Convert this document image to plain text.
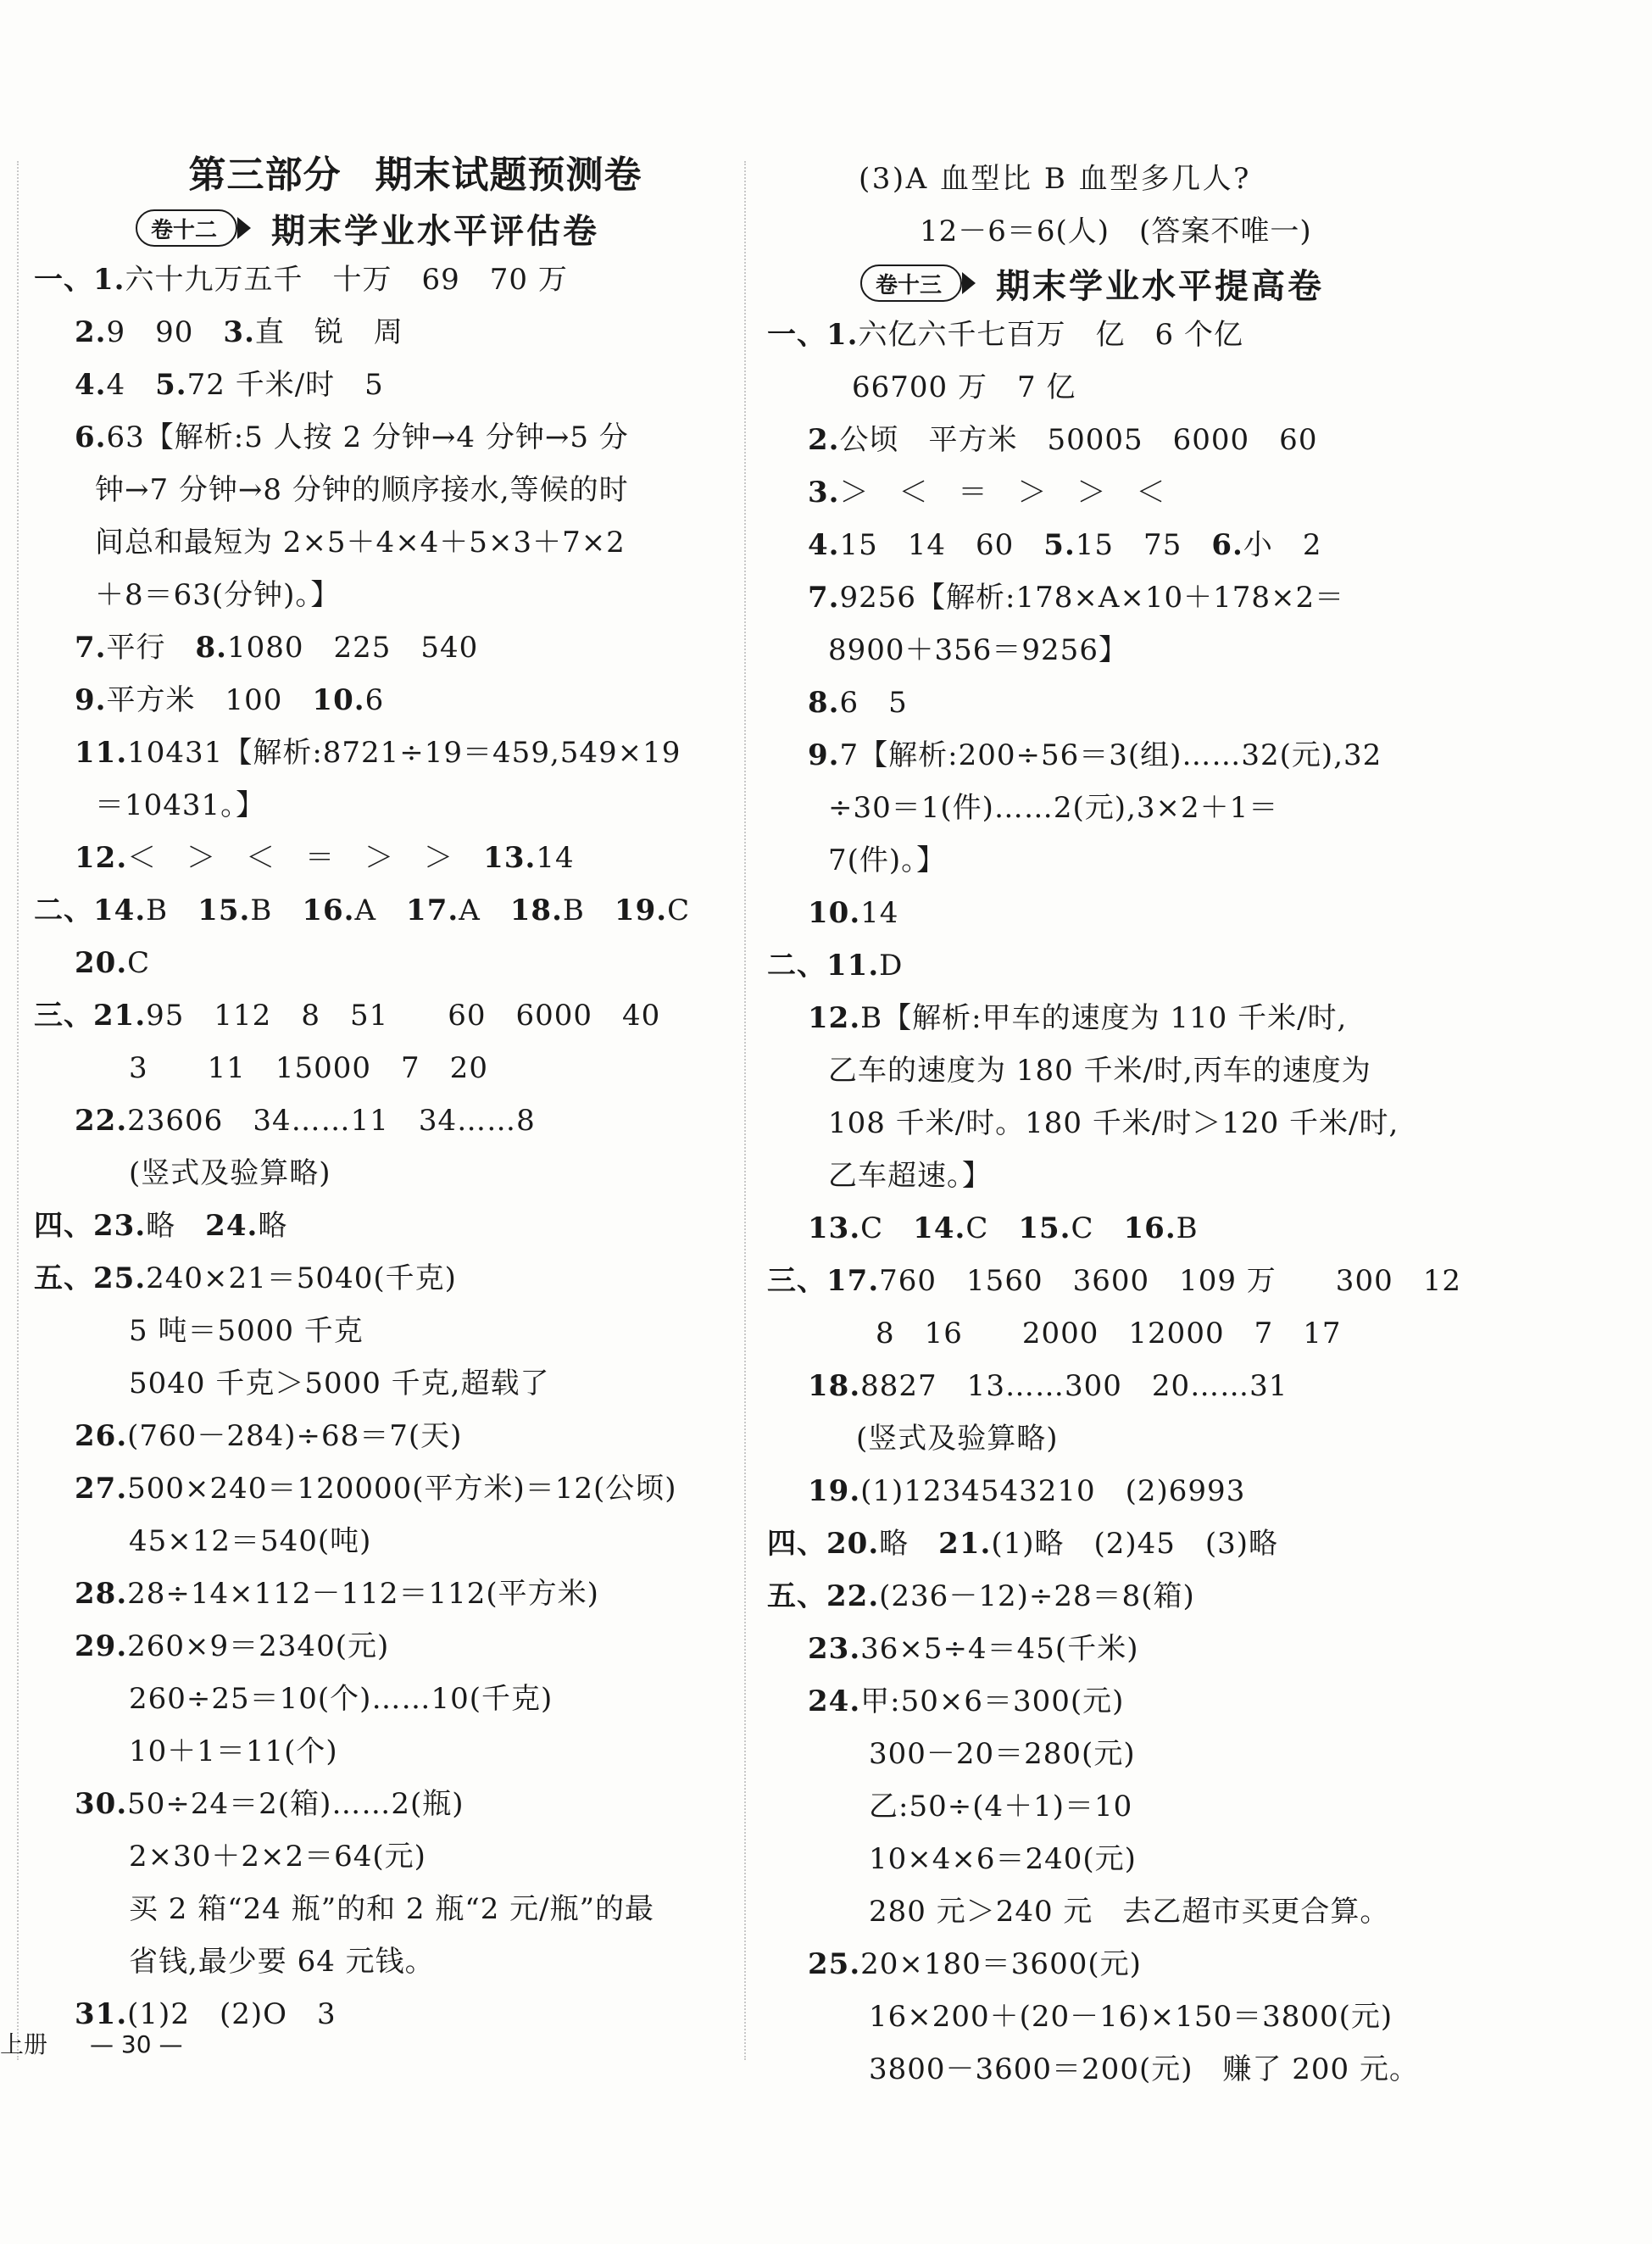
第三部分 期末试题预测卷
卷十二 期末学业水平评估卷
一、1.六十九万五千　十万　69　70 万
2.9　90　3.直　锐　周
4.4　5.72 千米/时　5
6.63【解析:5 人按 2 分钟→4 分钟→5 分
钟→7 分钟→8 分钟的顺序接水,等候的时
间总和最短为 2×5＋4×4＋5×3＋7×2
＋8＝63(分钟)。】
7.平行　8.1080　225　540
9.平方米　100　10.6
11.10431【解析:8721÷19＝459,549×19
＝10431。】
12.＜　＞　＜　＝　＞　＞　13.14
二、14.B　15.B　16.A　17.A　18.B　19.C
20.C
三、21.95　112　8　51　　60　6000　40
3　　11　15000　7　20
22.23606　34……11　34……8
(竖式及验算略)
四、23.略　24.略
五、25.240×21＝5040(千克)
5 吨＝5000 千克
5040 千克＞5000 千克,超载了
26.(760－284)÷68＝7(天)
27.500×240＝120000(平方米)＝12(公顷)
45×12＝540(吨)
28.28÷14×112－112＝112(平方米)
29.260×9＝2340(元)
260÷25＝10(个)……10(千克)
10＋1＝11(个)
30.50÷24＝2(箱)……2(瓶)
2×30＋2×2＝64(元)
买 2 箱“24 瓶”的和 2 瓶“2 元/瓶”的最
省钱,最少要 64 元钱。
31.(1)2　(2)O　3
(3)A 血型比 B 血型多几人?
12－6＝6(人)　(答案不唯一)
卷十三 期末学业水平提高卷
一、1.六亿六千七百万　亿　6 个亿
66700 万　7 亿
2.公顷　平方米　50005　6000　60
3.＞　＜　＝　＞　＞　＜
4.15　14　60　5.15　75　6.小　2
7.9256【解析:178×A×10＋178×2＝
8900＋356＝9256】
8.6　5
9.7【解析:200÷56＝3(组)……32(元),32
÷30＝1(件)……2(元),3×2＋1＝
7(件)。】
10.14
二、11.D
12.B【解析:甲车的速度为 110 千米/时,
乙车的速度为 180 千米/时,丙车的速度为
108 千米/时。180 千米/时＞120 千米/时,
乙车超速。】
13.C　14.C　15.C　16.B
三、17.760　1560　3600　109 万　　300　12
8　16　　2000　12000　7　17
18.8827　13……300　20……31
(竖式及验算略)
19.(1)1234543210　(2)6993
四、20.略　21.(1)略　(2)45　(3)略
五、22.(236－12)÷28＝8(箱)
23.36×5÷4＝45(千米)
24.甲:50×6＝300(元)
300－20＝280(元)
乙:50÷(4＋1)＝10
10×4×6＝240(元)
280 元＞240 元　去乙超市买更合算。
25.20×180＝3600(元)
16×200＋(20－16)×150＝3800(元)
3800－3600＝200(元)　赚了 200 元。
上册 — 30 —
